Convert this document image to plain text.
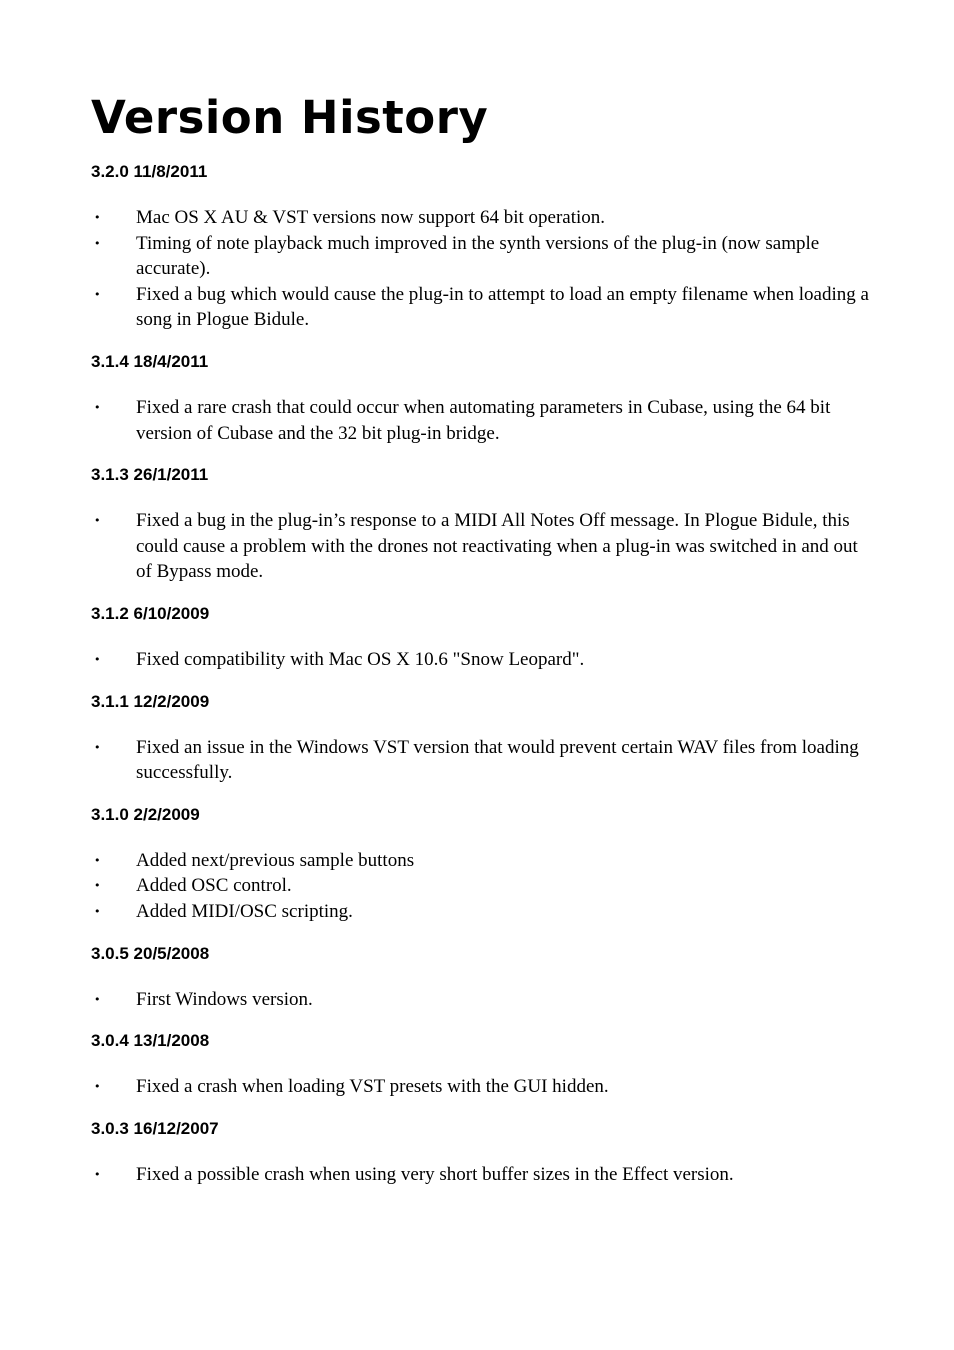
Version History
3.2.0 11/8/2011
• Mac OS X AU & VST versions now support 64 bit operation.
• Timing of note playback much improved in the synth versions of the plug-in (now sample accurate).
• Fixed a bug which would cause the plug-in to attempt to load an empty filename when loading a song in Plogue Bidule.
3.1.4 18/4/2011
• Fixed a rare crash that could occur when automating parameters in Cubase, using the 64 bit version of Cubase and the 32 bit plug-in bridge.
3.1.3 26/1/2011
• Fixed a bug in the plug-in’s response to a MIDI All Notes Off message. In Plogue Bidule, this could cause a problem with the drones not reactivating when a plug-in was switched in and out of Bypass mode.
3.1.2 6/10/2009
• Fixed compatibility with Mac OS X 10.6 "Snow Leopard".
3.1.1 12/2/2009
• Fixed an issue in the Windows VST version that would prevent certain WAV files from loading successfully.
3.1.0 2/2/2009
• Added next/previous sample buttons
• Added OSC control.
• Added MIDI/OSC scripting.
3.0.5 20/5/2008
• First Windows version.
3.0.4 13/1/2008
• Fixed a crash when loading VST presets with the GUI hidden.
3.0.3 16/12/2007
• Fixed a possible crash when using very short buffer sizes in the Effect version.
